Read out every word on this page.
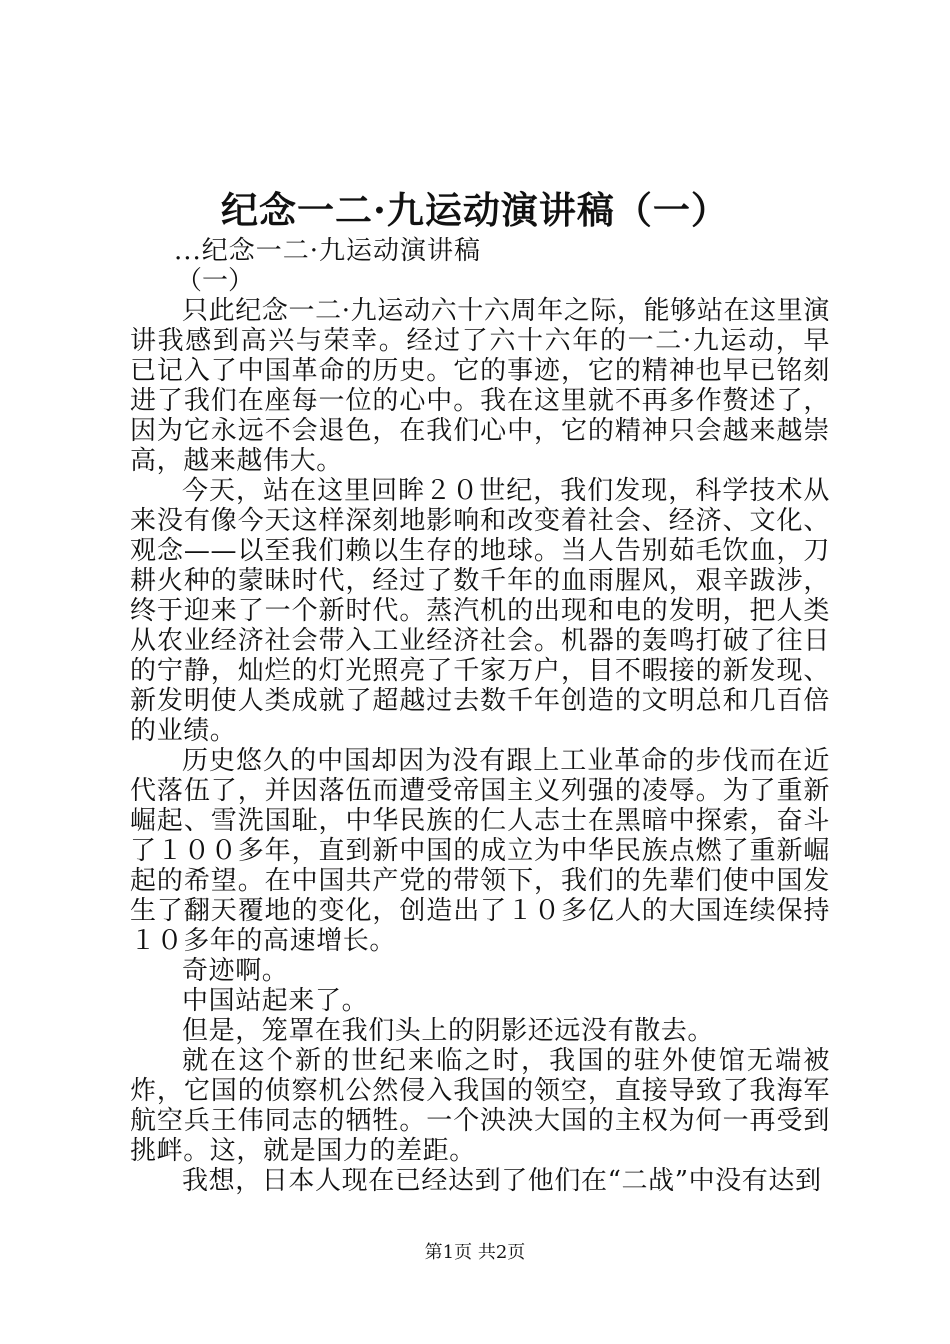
纪念一二·九运动演讲稿（一）

...纪念一二·九运动演讲稿

（一）

只此纪念一二·九运动六十六周年之际，能够站在这里演讲我感到高兴与荣幸。经过了六十六年的一二·九运动，早已记入了中国革命的历史。它的事迹，它的精神也早已铭刻进了我们在座每一位的心中。我在这里就不再多作赘述了，因为它永远不会退色，在我们心中，它的精神只会越来越崇高，越来越伟大。

今天，站在这里回眸２０世纪，我们发现，科学技术从来没有像今天这样深刻地影响和改变着社会、经济、文化、观念——以至我们赖以生存的地球。当人告别茹毛饮血，刀耕火种的蒙昧时代，经过了数千年的血雨腥风，艰辛跋涉，终于迎来了一个新时代。蒸汽机的出现和电的发明，把人类从农业经济社会带入工业经济社会。机器的轰鸣打破了往日的宁静，灿烂的灯光照亮了千家万户，目不暇接的新发现、新发明使人类成就了超越过去数千年创造的文明总和几百倍的业绩。

历史悠久的中国却因为没有跟上工业革命的步伐而在近代落伍了，并因落伍而遭受帝国主义列强的凌辱。为了重新崛起、雪洗国耻，中华民族的仁人志士在黑暗中探索，奋斗了１００多年，直到新中国的成立为中华民族点燃了重新崛起的希望。在中国共产党的带领下，我们的先辈们使中国发生了翻天覆地的变化，创造出了１０多亿人的大国连续保持１０多年的高速增长。

奇迹啊。

中国站起来了。

但是，笼罩在我们头上的阴影还远没有散去。

就在这个新的世纪来临之时，我国的驻外使馆无端被炸，它国的侦察机公然侵入我国的领空，直接导致了我海军航空兵王伟同志的牺牲。一个泱泱大国的主权为何一再受到挑衅。这，就是国力的差距。

我想，日本人现在已经达到了他们在“二战”中没有达到

第1页 共2页
